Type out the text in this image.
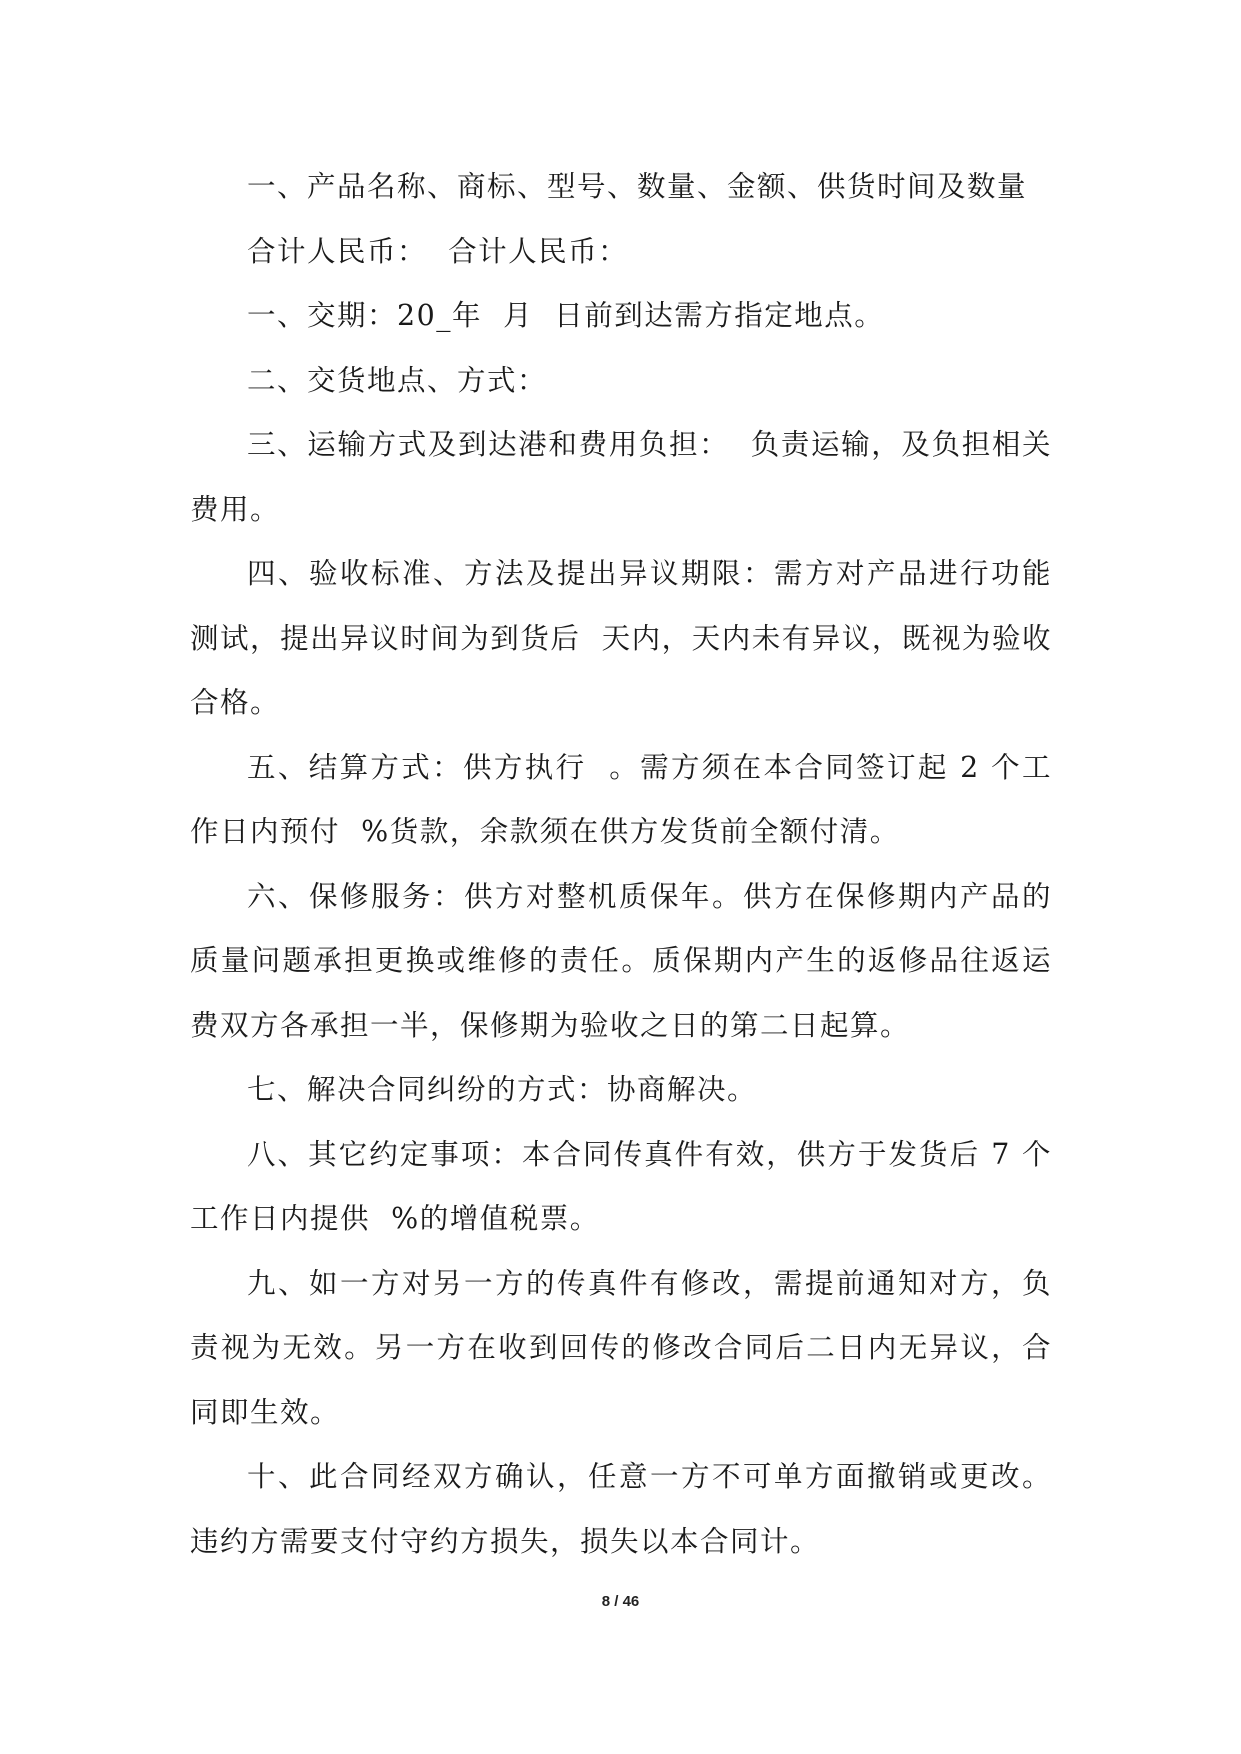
一、产品名称、商标、型号、数量、金额、供货时间及数量

合计人民币：  合计人民币：

一、交期：20_年  月  日前到达需方指定地点。

二、交货地点、方式：

三、运输方式及到达港和费用负担：  负责运输，及负担相关费用。

四、验收标准、方法及提出异议期限：需方对产品进行功能测试，提出异议时间为到货后  天内，天内未有异议，既视为验收合格。

五、结算方式：供方执行  。需方须在本合同签订起 2 个工作日内预付  %货款，余款须在供方发货前全额付清。

六、保修服务：供方对整机质保年。供方在保修期内产品的质量问题承担更换或维修的责任。质保期内产生的返修品往返运费双方各承担一半，保修期为验收之日的第二日起算。

七、解决合同纠纷的方式：协商解决。

八、其它约定事项：本合同传真件有效，供方于发货后 7 个工作日内提供  %的增值税票。

九、如一方对另一方的传真件有修改，需提前通知对方，负责视为无效。另一方在收到回传的修改合同后二日内无异议，合同即生效。

十、此合同经双方确认，任意一方不可单方面撤销或更改。违约方需要支付守约方损失，损失以本合同计。

8 / 46
